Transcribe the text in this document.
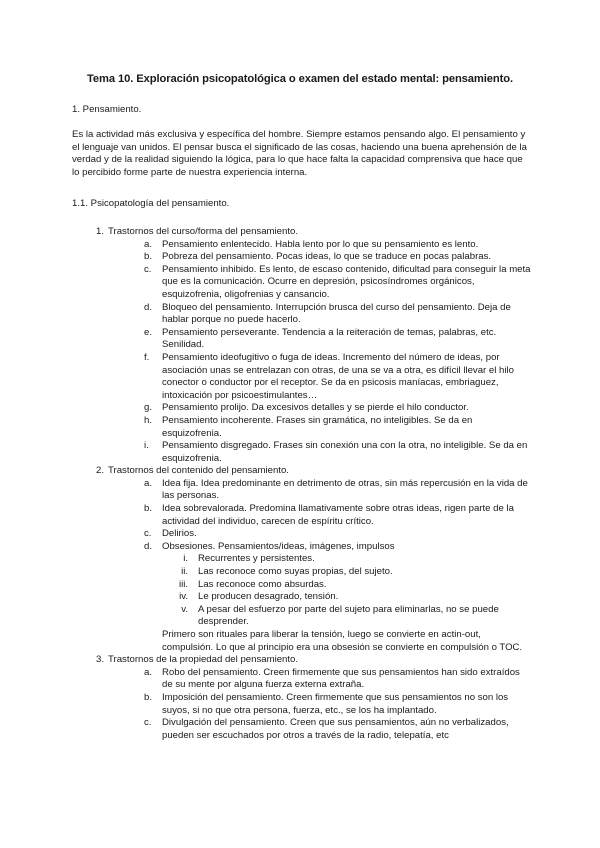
Tema 10. Exploración psicopatológica o examen del estado mental: pensamiento.
1. Pensamiento.
Es la actividad más exclusiva y específica del hombre. Siempre estamos pensando algo. El pensamiento y el lenguaje van unidos. El pensar busca el significado de las cosas, haciendo una buena aprehensión de la verdad y de la realidad siguiendo la lógica, para lo que hace falta la capacidad comprensiva que hace que lo percibido forme parte de nuestra experiencia interna.
1.1. Psicopatología del pensamiento.
1. Trastornos del curso/forma del pensamiento.
a.	Pensamiento enlentecido. Habla lento por lo que su pensamiento es lento.
b.	Pobreza del pensamiento. Pocas ideas, lo que se traduce en pocas palabras.
c.	Pensamiento inhibido. Es lento, de escaso contenido, dificultad para conseguir la meta que es la comunicación. Ocurre en depresión, psicosíndromes orgánicos, esquizofrenia, oligofrenias y cansancio.
d.	Bloqueo del pensamiento. Interrupción brusca del curso del pensamiento. Deja de hablar porque no puede hacerlo.
e.	Pensamiento perseverante. Tendencia a la reiteración de temas, palabras, etc. Senilidad.
f.	Pensamiento ideofugitivo o fuga de ideas. Incremento del número de ideas, por asociación unas se entrelazan con otras, de una se va a otra, es difícil llevar el hilo conector o conductor por el receptor. Se da en psicosis maníacas, embriaguez, intoxicación por psicoestimulantes…
g.	Pensamiento prolijo. Da excesivos detalles y se pierde el hilo conductor.
h.	Pensamiento incoherente. Frases sin gramática, no inteligibles. Se da en esquizofrenia.
i.	Pensamiento disgregado. Frases sin conexión una con la otra, no inteligible. Se da en esquizofrenia.
2. Trastornos del contenido del pensamiento.
a.	Idea fija. Idea predominante en detrimento de otras, sin más repercusión en la vida de las personas.
b.	Idea sobrevalorada. Predomina llamativamente sobre otras ideas, rigen parte de la actividad del individuo, carecen de espíritu crítico.
c.	Delirios.
d.	Obsesiones. Pensamientos/ideas, imágenes, impulsos
i. Recurrentes y persistentes.
ii. Las reconoce como suyas propias, del sujeto.
iii. Las reconoce como absurdas.
iv. Le producen desagrado, tensión.
v. A pesar del esfuerzo por parte del sujeto para eliminarlas, no se puede desprender.
Primero son rituales para liberar la tensión, luego se convierte en actin-out, compulsión. Lo que al principio era una obsesión se convierte en compulsión o TOC.
3. Trastornos de la propiedad del pensamiento.
a.	Robo del pensamiento. Creen firmemente que sus pensamientos han sido extraídos de su mente por alguna fuerza externa extraña.
b.	Imposición del pensamiento. Creen firmemente que sus pensamientos no son los suyos, si no que otra persona, fuerza, etc., se los ha implantado.
c.	Divulgación del pensamiento. Creen que sus pensamientos, aún no verbalizados, pueden ser escuchados por otros a través de la radio, telepatía, etc
